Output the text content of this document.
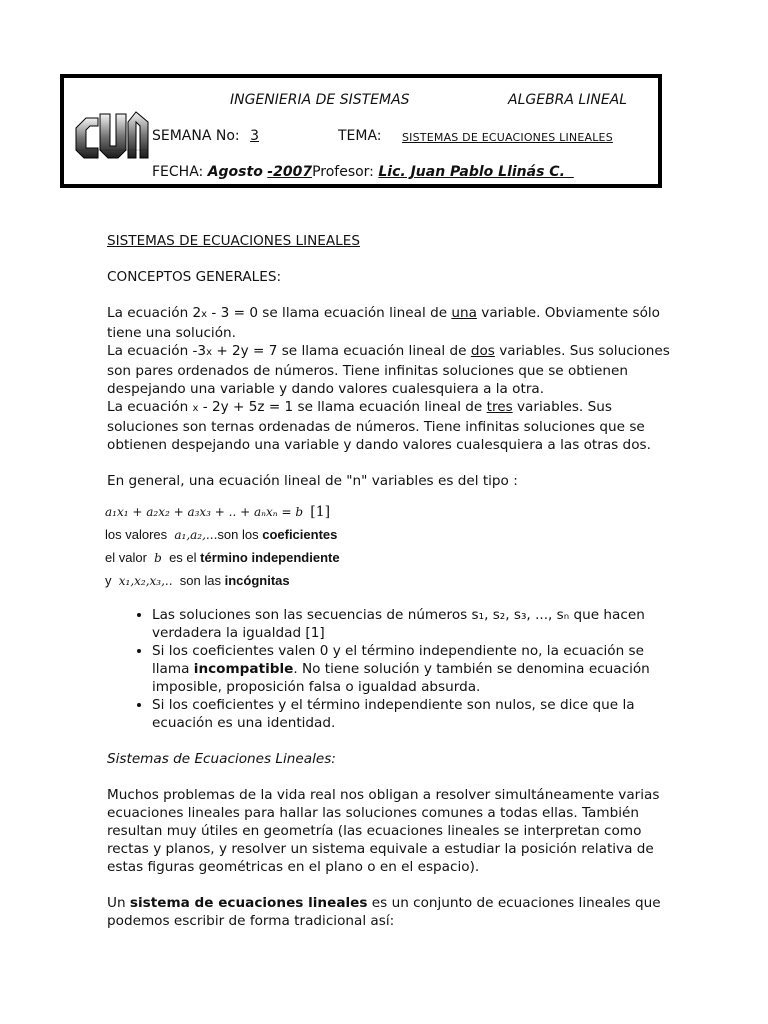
INGENIERIA DE SISTEMAS	ALGEBRA LINEAL
SEMANA No: 3	TEMA: SISTEMAS DE ECUACIONES LINEALES
FECHA: Agosto -2007Profesor: Lic. Juan Pablo Llinás C.

SISTEMAS DE ECUACIONES LINEALES

CONCEPTOS GENERALES:

La ecuación 2x - 3 = 0 se llama ecuación lineal de una variable. Obviamente sólo tiene una solución.

La ecuación -3x + 2y = 7 se llama ecuación lineal de dos variables. Sus soluciones son pares ordenados de números. Tiene infinitas soluciones que se obtienen despejando una variable y dando valores cualesquiera a la otra.

La ecuación x - 2y + 5z = 1 se llama ecuación lineal de tres variables. Sus soluciones son ternas ordenadas de números. Tiene infinitas soluciones que se obtienen despejando una variable y dando valores cualesquiera a las otras dos.

En general, una ecuación lineal de "n" variables es del tipo :

a₁x₁ + a₂x₂ + a₃x₃ + .. + aₙxₙ = b [1]
los valores a₁,a₂,...son los coeficientes
el valor b es el término independiente
y x₁,x₂,x₃,.. son las incógnitas
• Las soluciones son las secuencias de números s₁, s₂, s₃, ..., sₙ que hacen verdadera la igualdad [1]
• Si los coeficientes valen 0 y el término independiente no, la ecuación se llama incompatible. No tiene solución y también se denomina ecuación imposible, proposición falsa o igualdad absurda.
• Si los coeficientes y el término independiente son nulos, se dice que la ecuación es una identidad.

Sistemas de Ecuaciones Lineales:

Muchos problemas de la vida real nos obligan a resolver simultáneamente varias ecuaciones lineales para hallar las soluciones comunes a todas ellas. También resultan muy útiles en geometría (las ecuaciones lineales se interpretan como rectas y planos, y resolver un sistema equivale a estudiar la posición relativa de estas figuras geométricas en el plano o en el espacio).

Un sistema de ecuaciones lineales es un conjunto de ecuaciones lineales que podemos escribir de forma tradicional así:
